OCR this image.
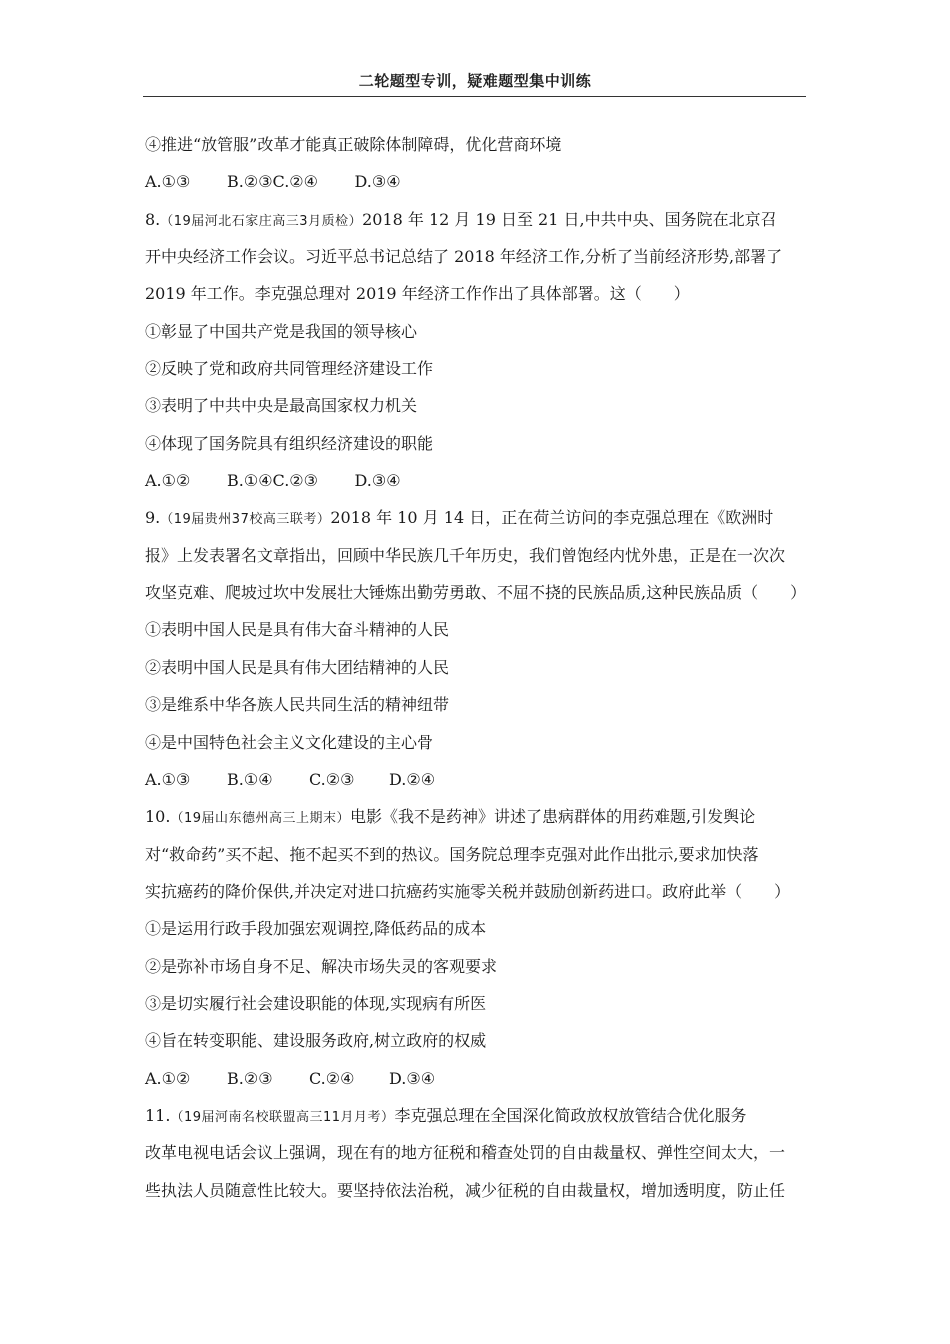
二轮题型专训，疑难题型集中训练
④推进“放管服”改革才能真正破除体制障碍，优化营商环境
A.①③ B.②③C.②④ D.③④
8.（19届河北石家庄高三3月质检）2018 年 12 月 19 日至 21 日,中共中央、国务院在北京召
开中央经济工作会议。习近平总书记总结了 2018 年经济工作,分析了当前经济形势,部署了
2019 年工作。李克强总理对 2019 年经济工作作出了具体部署。这（　　）
①彰显了中国共产党是我国的领导核心
②反映了党和政府共同管理经济建设工作
③表明了中共中央是最高国家权力机关
④体现了国务院具有组织经济建设的职能
A.①② B.①④C.②③ D.③④
9.（19届贵州37校高三联考）2018 年 10 月 14 日，正在荷兰访问的李克强总理在《欧洲时
报》上发表署名文章指出，回顾中华民族几千年历史，我们曾饱经内忧外患，正是在一次次
攻坚克难、爬坡过坎中发展壮大锤炼出勤劳勇敢、不屈不挠的民族品质,这种民族品质（　　）
①表明中国人民是具有伟大奋斗精神的人民
②表明中国人民是具有伟大团结精神的人民
③是维系中华各族人民共同生活的精神纽带
④是中国特色社会主义文化建设的主心骨
A.①③ B.①④ C.②③ D.②④
10.（19届山东德州高三上期末）电影《我不是药神》讲述了患病群体的用药难题,引发舆论
对“救命药”买不起、拖不起买不到的热议。国务院总理李克强对此作出批示,要求加快落
实抗癌药的降价保供,并决定对进口抗癌药实施零关税并鼓励创新药进口。政府此举（　　）
①是运用行政手段加强宏观调控,降低药品的成本
②是弥补市场自身不足、解决市场失灵的客观要求
③是切实履行社会建设职能的体现,实现病有所医
④旨在转变职能、建设服务政府,树立政府的权威
A.①② B.②③ C.②④ D.③④
11.（19届河南名校联盟高三11月月考）李克强总理在全国深化简政放权放管结合优化服务
改革电视电话会议上强调，现在有的地方征税和稽查处罚的自由裁量权、弹性空间太大，一
些执法人员随意性比较大。要坚持依法治税，减少征税的自由裁量权，增加透明度，防止任
